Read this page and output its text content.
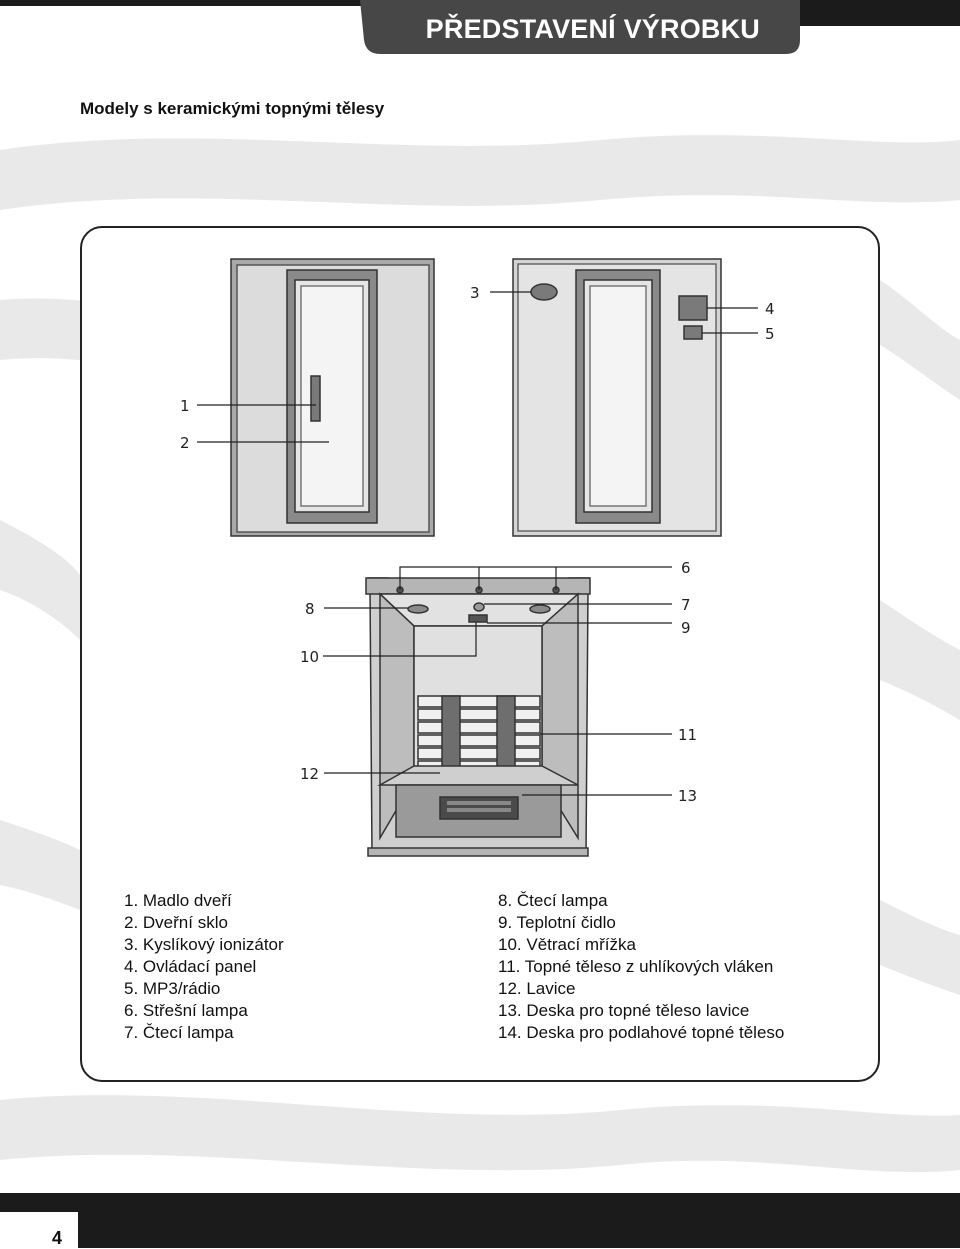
PŘEDSTAVENÍ VÝROBKU
Modely s keramickými topnými tělesy
1
2
3
4
5
6
7
8
9
10
11
12
13
1. Madlo dveří
2. Dveřní sklo
3. Kyslíkový ionizátor
4. Ovládací panel
5. MP3/rádio
6. Střešní lampa
7. Čtecí lampa
8. Čtecí lampa
9. Teplotní čidlo
10. Větrací mřížka
11. Topné těleso z uhlíkových vláken
12. Lavice
13. Deska pro topné těleso lavice
14. Deska pro podlahové topné těleso
4
